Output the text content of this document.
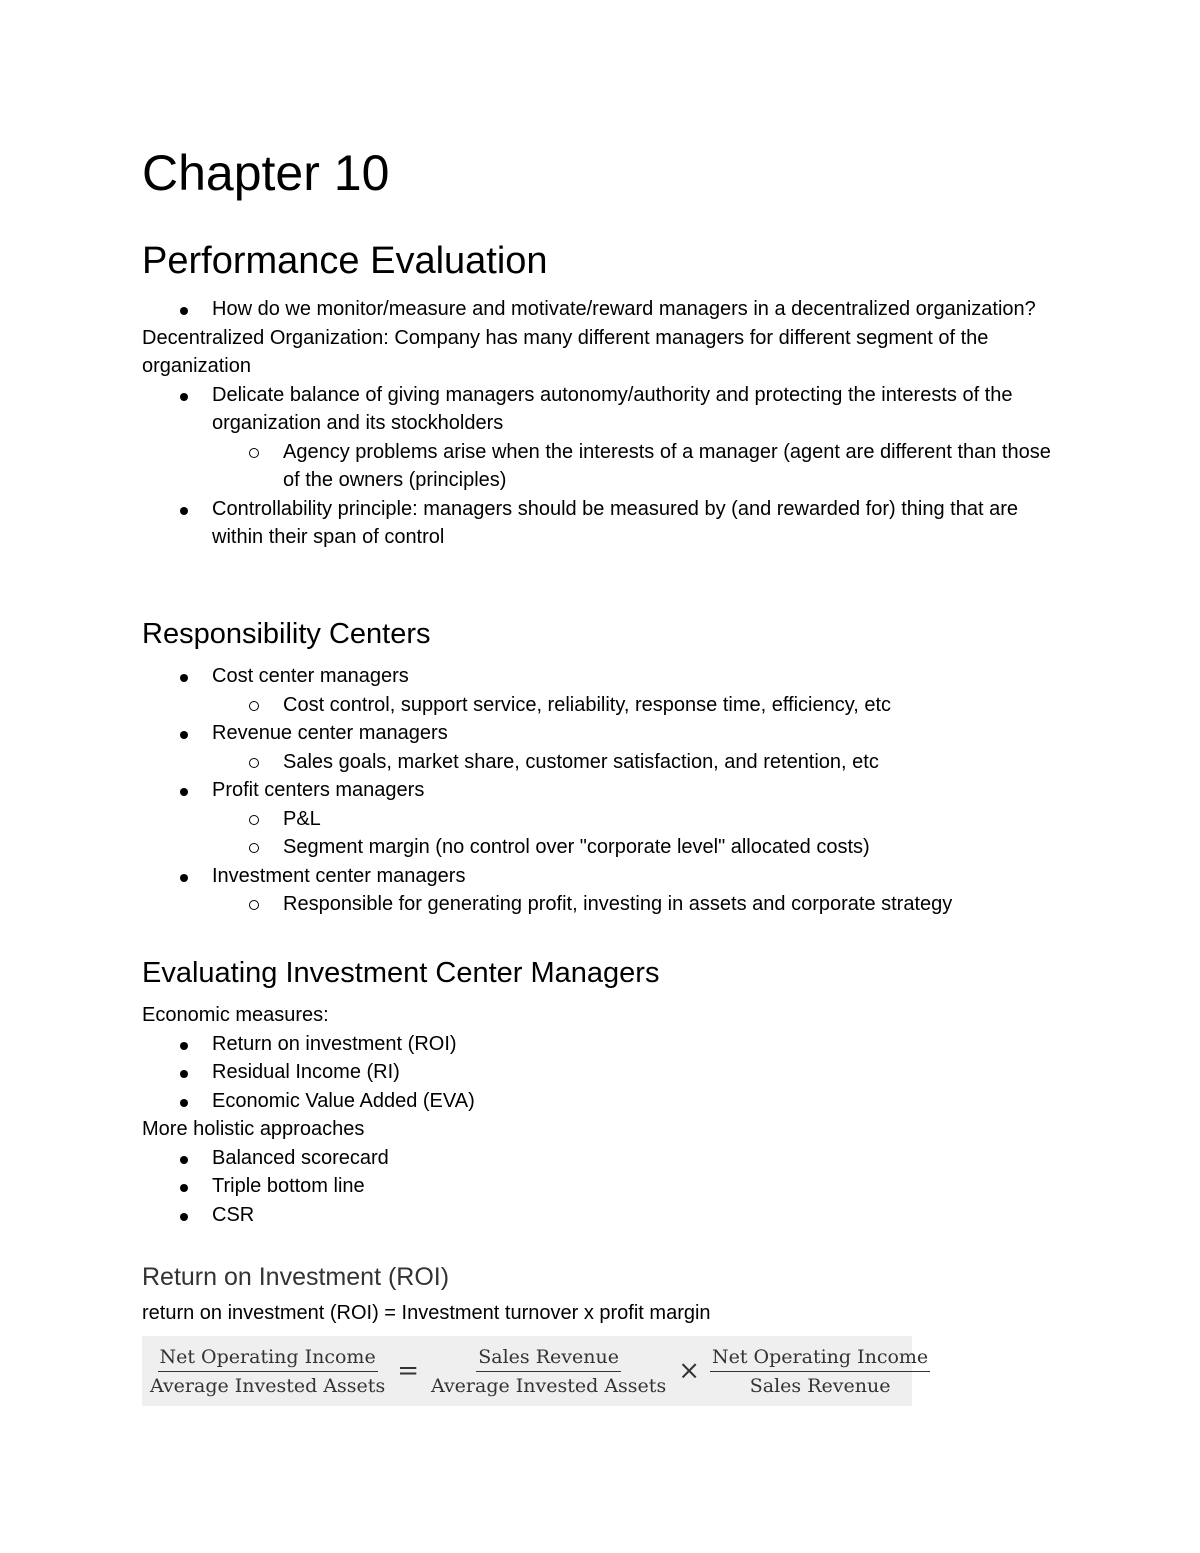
Chapter 10
Performance Evaluation
How do we monitor/measure and motivate/reward managers in a decentralized organization?

Decentralized Organization: Company has many different managers for different segment of the organization

Delicate balance of giving managers autonomy/authority and protecting the interests of the organization and its stockholders
Agency problems arise when the interests of a manager (agent are different than those of the owners (principles)
Controllability principle: managers should be measured by (and rewarded for) thing that are within their span of control
Responsibility Centers
Cost center managers
Cost control, support service, reliability, response time, efficiency, etc
Revenue center managers
Sales goals, market share, customer satisfaction, and retention, etc
Profit centers managers
P&L
Segment margin (no control over "corporate level" allocated costs)
Investment center managers
Responsible for generating profit, investing in assets and corporate strategy
Evaluating Investment Center Managers

Economic measures:

Return on investment (ROI)
Residual Income (RI)
Economic Value Added (EVA)

More holistic approaches

Balanced scorecard
Triple bottom line
CSR
Return on Investment (ROI)

return on investment (ROI) = Investment turnover x profit margin

$\frac{\text{Net Operating Income}}{\text{Average Invested Assets}} = \frac{\text{Sales Revenue}}{\text{Average Invested Assets}} \times \frac{\text{Net Operating Income}}{\text{Sales Revenue}}$
